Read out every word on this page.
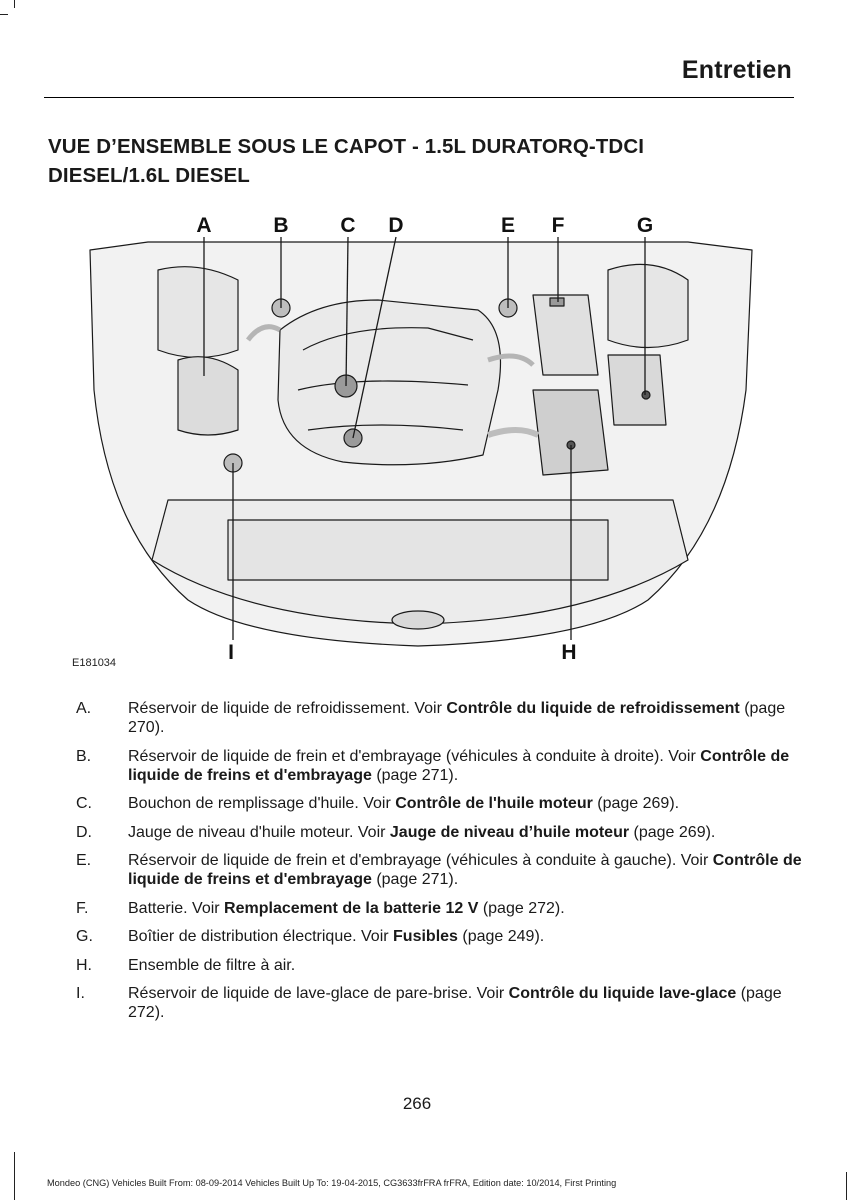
Entretien
VUE D’ENSEMBLE SOUS LE CAPOT - 1.5L DURATORQ-TDCI
DIESEL/1.6L DIESEL
A	B C D	E F	G
H
I
E181034
A. Réservoir de liquide de refroidissement. Voir Contrôle du liquide de refroidissement (page 270).
B. Réservoir de liquide de frein et d'embrayage (véhicules à conduite à droite). Voir Contrôle de liquide de freins et d'embrayage (page 271).
C. Bouchon de remplissage d'huile. Voir Contrôle de l'huile moteur (page 269).
D. Jauge de niveau d'huile moteur. Voir Jauge de niveau d’huile moteur (page 269).
E. Réservoir de liquide de frein et d'embrayage (véhicules à conduite à gauche). Voir Contrôle de liquide de freins et d'embrayage (page 271).
F. Batterie. Voir Remplacement de la batterie 12 V (page 272).
G. Boîtier de distribution électrique. Voir Fusibles (page 249).
H. Ensemble de filtre à air.
I.	Réservoir de liquide de lave-glace de pare-brise. Voir Contrôle du liquide lave-glace (page 272).
266
Mondeo (CNG) Vehicles Built From: 08-09-2014 Vehicles Built Up To: 19-04-2015, CG3633frFRA frFRA, Edition date: 10/2014, First Printing
